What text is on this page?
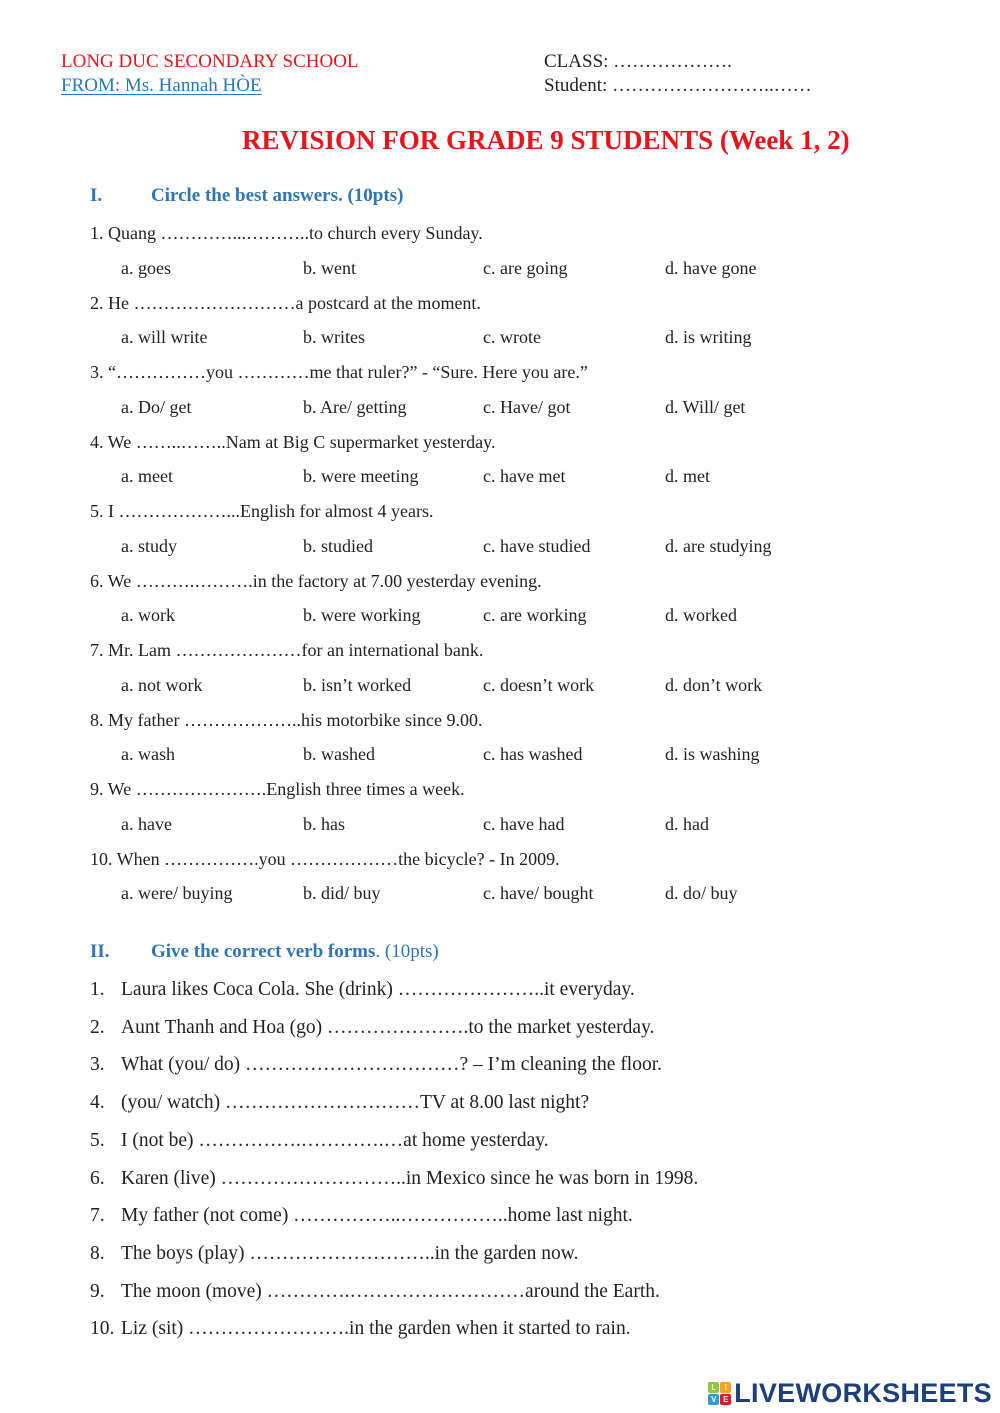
LONG DUC SECONDARY SCHOOL
FROM: Ms. Hannah HÒE
CLASS: ……………….
Student: ……………………..……
REVISION FOR GRADE 9 STUDENTS (Week 1, 2)
I.	Circle the best answers. (10pts)
1. Quang …………...………..to church every Sunday.
a. goes	b. went	c. are going	d. have gone
2. He ………………………a postcard at the moment.
a. will write	b. writes	c. wrote	d. is writing
3. “……………you …………me that ruler?” - “Sure. Here you are.”
a. Do/ get	b. Are/ getting	c. Have/ got	d. Will/ get
4. We ……..……..Nam at Big C supermarket yesterday.
a. meet	b. were meeting	c. have met	d. met
5. I ………………...English for almost 4 years.
a. study	b. studied	c. have studied	d. are studying
6. We ……….……….in the factory at 7.00 yesterday evening.
a. work	b. were working	c. are working	d. worked
7. Mr. Lam …………………for an international bank.
a. not work	b. isn’t worked	c. doesn’t work	d. don’t work
8. My father ………………..his motorbike since 9.00.
a. wash	b. washed	c. has washed	d. is washing
9. We ………………….English three times a week.
a. have	b. has	c. have had	d. had
10. When …………….you ………………the bicycle? - In 2009.
a. were/ buying	b. did/ buy	c. have/ bought	d. do/ buy
II. Give the correct verb forms. (10pts)
1. Laura likes Coca Cola. She (drink) …………………..it everyday.
2. Aunt Thanh and Hoa (go) ………………….to the market yesterday.
3. What (you/ do) ……………………………? – I’m cleaning the floor.
4. (you/ watch) …………………………TV at 8.00 last night?
5. I (not be) …………….………….…at home yesterday.
6. Karen (live) ………………………..in Mexico since he was born in 1998.
7. My father (not come) ……………..……………..home last night.
8. The boys (play) ………………………..in the garden now.
9. The moon (move) ………….………………………around the Earth.
10. Liz (sit) …………………….in the garden when it started to rain.
L	I
V E LIVEWORKSHEETS
